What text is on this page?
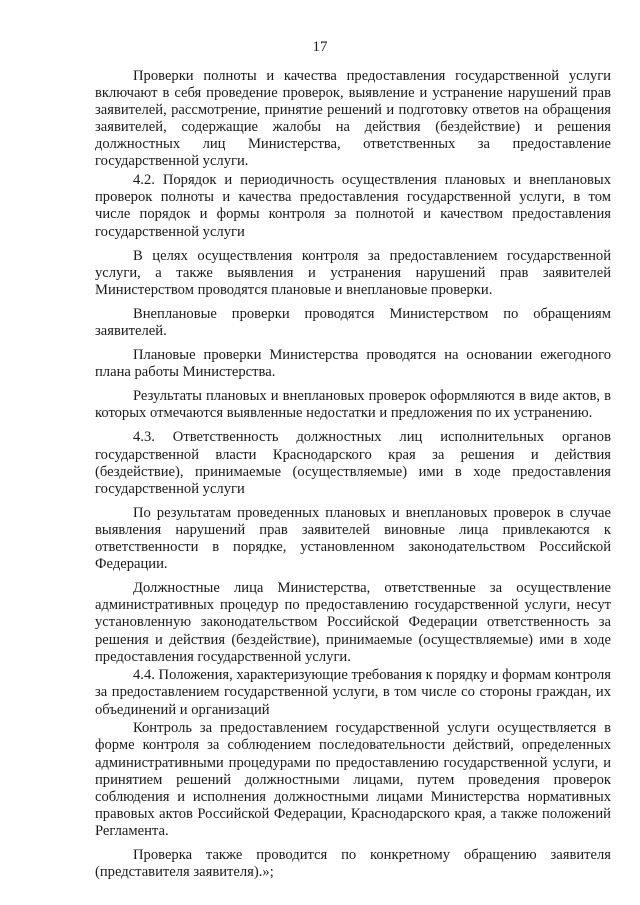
17

Проверки полноты и качества предоставления государственной услуги включают в себя проведение проверок, выявление и устранение нарушений прав заявителей, рассмотрение, принятие решений и подготовку ответов на обращения заявителей, содержащие жалобы на действия (бездействие) и решения должностных лиц Министерства, ответственных за предоставление государственной услуги.

4.2. Порядок и периодичность осуществления плановых и внеплановых проверок полноты и качества предоставления государственной услуги, в том числе порядок и формы контроля за полнотой и качеством предоставления государственной услуги

В целях осуществления контроля за предоставлением государственной услуги, а также выявления и устранения нарушений прав заявителей Министерством проводятся плановые и внеплановые проверки.

Внеплановые проверки проводятся Министерством по обращениям заявителей.

Плановые проверки Министерства проводятся на основании ежегодного плана работы Министерства.

Результаты плановых и внеплановых проверок оформляются в виде актов, в которых отмечаются выявленные недостатки и предложения по их устранению.

4.3. Ответственность должностных лиц исполнительных органов государственной власти Краснодарского края за решения и действия (бездействие), принимаемые (осуществляемые) ими в ходе предоставления государственной услуги

По результатам проведенных плановых и внеплановых проверок в случае выявления нарушений прав заявителей виновные лица привлекаются к ответственности в порядке, установленном законодательством Российской Федерации.

Должностные лица Министерства, ответственные за осуществление административных процедур по предоставлению государственной услуги, несут установленную законодательством Российской Федерации ответственность за решения и действия (бездействие), принимаемые (осуществляемые) ими в ходе предоставления государственной услуги.

4.4. Положения, характеризующие требования к порядку и формам контроля за предоставлением государственной услуги, в том числе со стороны граждан, их объединений и организаций

Контроль за предоставлением государственной услуги осуществляется в форме контроля за соблюдением последовательности действий, определенных административными процедурами по предоставлению государственной услуги, и принятием решений должностными лицами, путем проведения проверок соблюдения и исполнения должностными лицами Министерства нормативных правовых актов Российской Федерации, Краснодарского края, а также положений Регламента.

Проверка также проводится по конкретному обращению заявителя (представителя заявителя).»;
